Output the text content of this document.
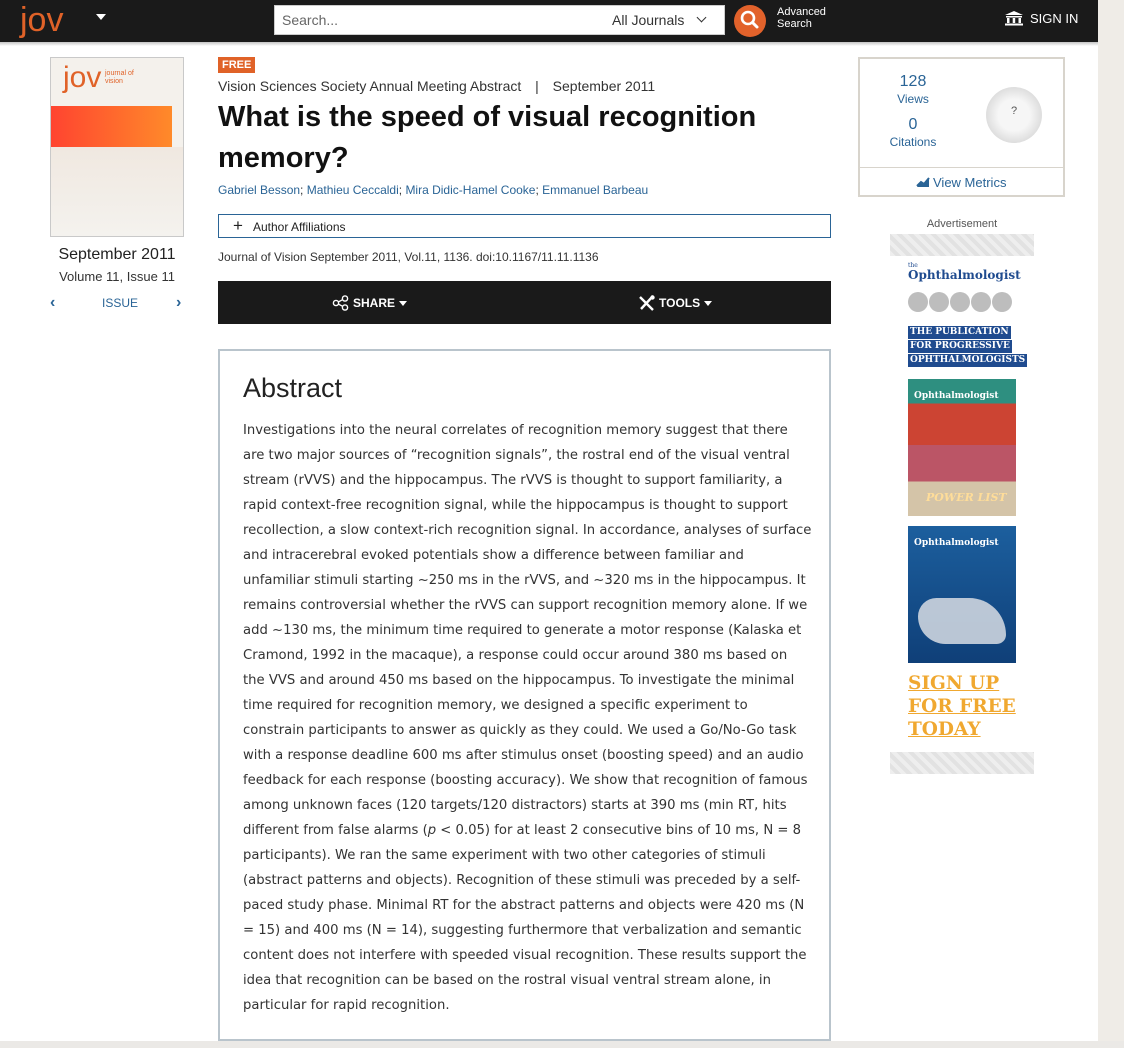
jov
Search...	All Journals	Advanced
Search	SIGN IN
jov journal of vision
September 2011
Volume 11, Issue 11
‹	ISSUE ›
FREE
Vision Sciences Society Annual Meeting Abstract | September 2011
What is the speed of visual recognition memory?
Gabriel Besson; Mathieu Ceccaldi; Mira Didic-Hamel Cooke; Emmanuel Barbeau
+ Author Affiliations
Journal of Vision September 2011, Vol.11, 1136. doi:10.1167/11.11.1136
SHARE	TOOLS
Abstract

Investigations into the neural correlates of recognition memory suggest that there are two major sources of “recognition signals”, the rostral end of the visual ventral stream (rVVS) and the hippocampus. The rVVS is thought to support familiarity, a rapid context-free recognition signal, while the hippocampus is thought to support recollection, a slow context-rich recognition signal. In accordance, analyses of surface and intracerebral evoked potentials show a difference between familiar and unfamiliar stimuli starting ~250 ms in the rVVS, and ~320 ms in the hippocampus. It remains controversial whether the rVVS can support recognition memory alone. If we add ~130 ms, the minimum time required to generate a motor response (Kalaska et Cramond, 1992 in the macaque), a response could occur around 380 ms based on the VVS and around 450 ms based on the hippocampus. To investigate the minimal time required for recognition memory, we designed a specific experiment to constrain participants to answer as quickly as they could. We used a Go/No-Go task with a response deadline 600 ms after stimulus onset (boosting speed) and an audio feedback for each response (boosting accuracy). We show that recognition of famous among unknown faces (120 targets/120 distractors) starts at 390 ms (min RT, hits different from false alarms (p < 0.05) for at least 2 consecutive bins of 10 ms, N = 8 participants). We ran the same experiment with two other categories of stimuli (abstract patterns and objects). Recognition of these stimuli was preceded by a self-paced study phase. Minimal RT for the abstract patterns and objects were 420 ms (N = 15) and 400 ms (N = 14), suggesting furthermore that verbalization and semantic content does not interfere with speeded visual recognition. These results support the idea that recognition can be based on the rostral visual ventral stream alone, in particular for rapid recognition.

128
Views
0
Citations
?
View Metrics
Advertisement
the
Ophthalmologist
THE PUBLICATION
FOR PROGRESSIVE
OPHTHALMOLOGISTS
Ophthalmologist
POWER LIST
Ophthalmologist
SIGN UP
FOR FREE
TODAY
